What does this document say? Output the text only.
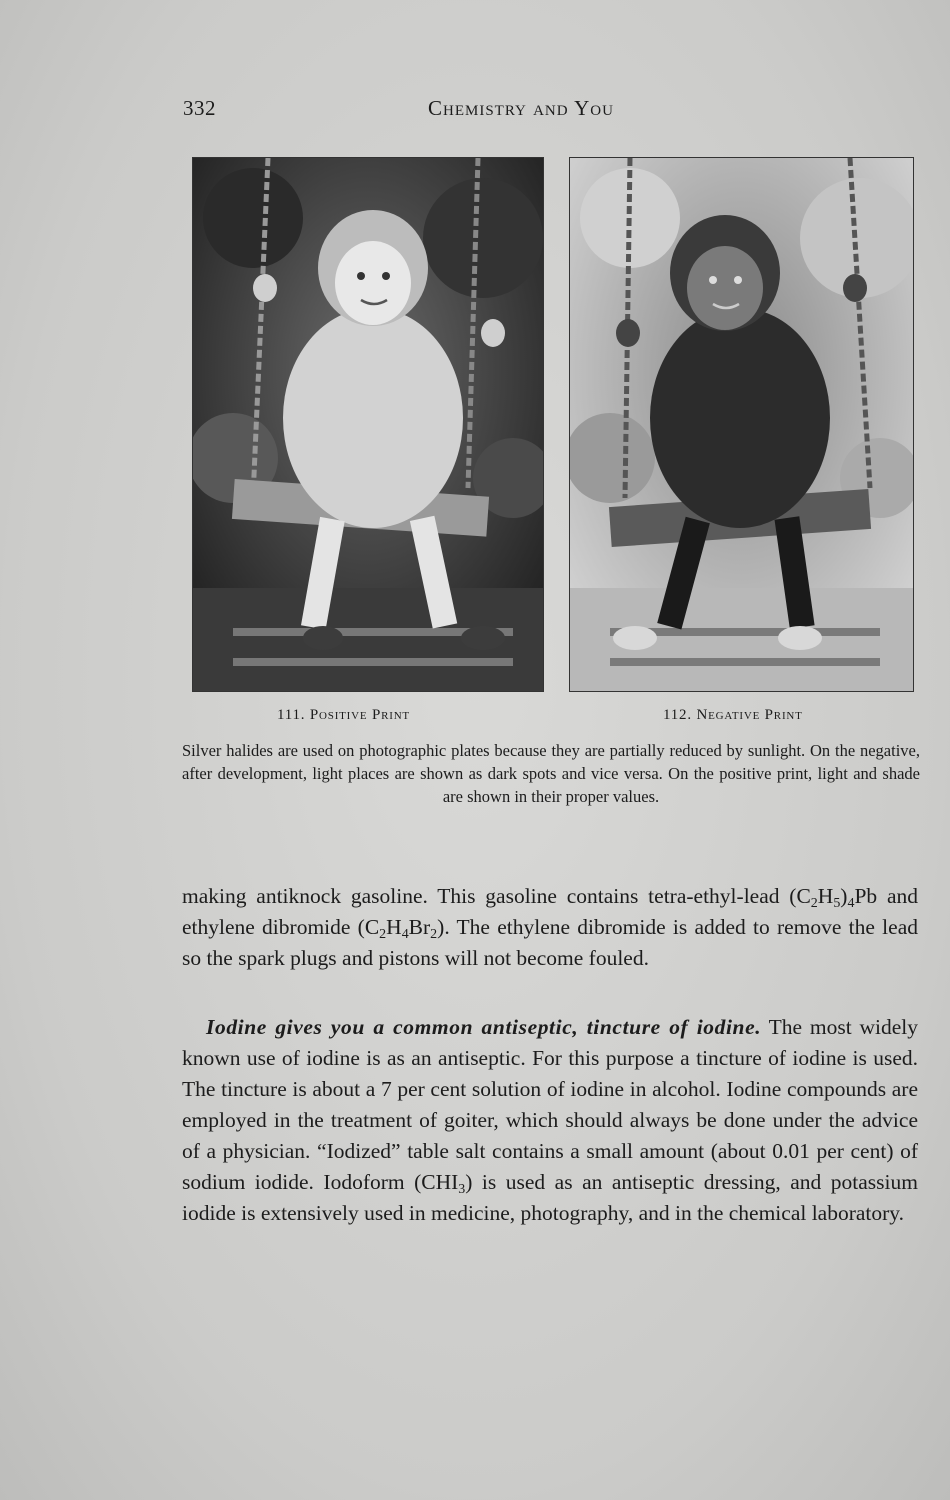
332	Chemistry and You
111. Positive Print	112. Negative Print
Silver halides are used on photographic plates because they are partially reduced by sunlight. On the negative, after development, light places are shown as dark spots and vice versa. On the positive print, light and shade are shown in their proper values.

making antiknock gasoline. This gasoline contains tetra-ethyl-lead $(C_2H_5)_4Pb$ and ethylene dibromide $(C_2H_4Br_2)$. The ethylene dibromide is added to remove the lead so the spark plugs and pistons will not become fouled.

Iodine gives you a common antiseptic, tincture of iodine. The most widely known use of iodine is as an antiseptic. For this purpose a tincture of iodine is used. The tincture is about a 7 per cent solution of iodine in alcohol. Iodine compounds are employed in the treatment of goiter, which should always be done under the advice of a physician. “Iodized” table salt contains a small amount (about 0.01 per cent) of sodium iodide. Iodoform $(CHI_3)$ is used as an antiseptic dressing, and potassium iodide is extensively used in medicine, photography, and in the chemical laboratory.
